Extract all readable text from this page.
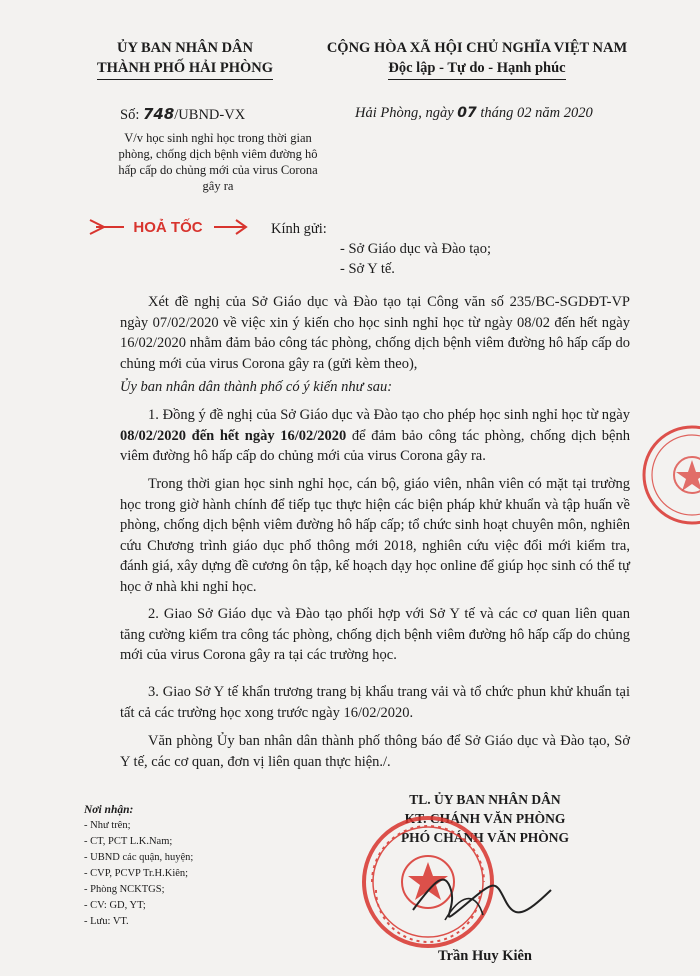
ỦY BAN NHÂN DÂN
THÀNH PHỐ HẢI PHÒNG
CỘNG HÒA XÃ HỘI CHỦ NGHĨA VIỆT NAM
Độc lập - Tự do - Hạnh phúc
Số: 748/UBND-VX	Hải Phòng, ngày 07 tháng 02 năm 2020
V/v học sinh nghỉ học trong thời gian phòng, chống dịch bệnh viêm đường hô hấp cấp do chủng mới của virus Corona gây ra
HOẢ TỐC	Kính gửi:
- Sở Giáo dục và Đào tạo;
- Sở Y tế.
Xét đề nghị của Sở Giáo dục và Đào tạo tại Công văn số 235/BC-SGDĐT-VP ngày 07/02/2020 về việc xin ý kiến cho học sinh nghỉ học từ ngày 08/02 đến hết ngày 16/02/2020 nhằm đảm bảo công tác phòng, chống dịch bệnh viêm đường hô hấp cấp do chủng mới của virus Corona gây ra (gửi kèm theo),
Ủy ban nhân dân thành phố có ý kiến như sau:
1. Đồng ý đề nghị của Sở Giáo dục và Đào tạo cho phép học sinh nghỉ học từ ngày 08/02/2020 đến hết ngày 16/02/2020 để đảm bảo công tác phòng, chống dịch bệnh viêm đường hô hấp cấp do chủng mới của virus Corona gây ra.
Trong thời gian học sinh nghỉ học, cán bộ, giáo viên, nhân viên có mặt tại trường học trong giờ hành chính để tiếp tục thực hiện các biện pháp khử khuẩn và tập huấn về phòng, chống dịch bệnh viêm đường hô hấp cấp; tổ chức sinh hoạt chuyên môn, nghiên cứu Chương trình giáo dục phổ thông mới 2018, nghiên cứu việc đổi mới kiểm tra, đánh giá, xây dựng đề cương ôn tập, kế hoạch dạy học online để giúp học sinh có thể tự học ở nhà khi nghỉ học.
2. Giao Sở Giáo dục và Đào tạo phối hợp với Sở Y tế và các cơ quan liên quan tăng cường kiểm tra công tác phòng, chống dịch bệnh viêm đường hô hấp cấp do chủng mới của virus Corona gây ra tại các trường học.
3. Giao Sở Y tế khẩn trương trang bị khẩu trang vải và tổ chức phun khử khuẩn tại tất cả các trường học xong trước ngày 16/02/2020.
Văn phòng Ủy ban nhân dân thành phố thông báo để Sở Giáo dục và Đào tạo, Sở Y tế, các cơ quan, đơn vị liên quan thực hiện./.
Nơi nhận:
- Như trên;
- CT, PCT L.K.Nam;
- UBND các quận, huyện;
- CVP, PCVP Tr.H.Kiên;
- Phòng NCKTGS;
- CV: GD, YT;
- Lưu: VT.
TL. ỦY BAN NHÂN DÂN
KT. CHÁNH VĂN PHÒNG
PHÓ CHÁNH VĂN PHÒNG
Trần Huy Kiên
